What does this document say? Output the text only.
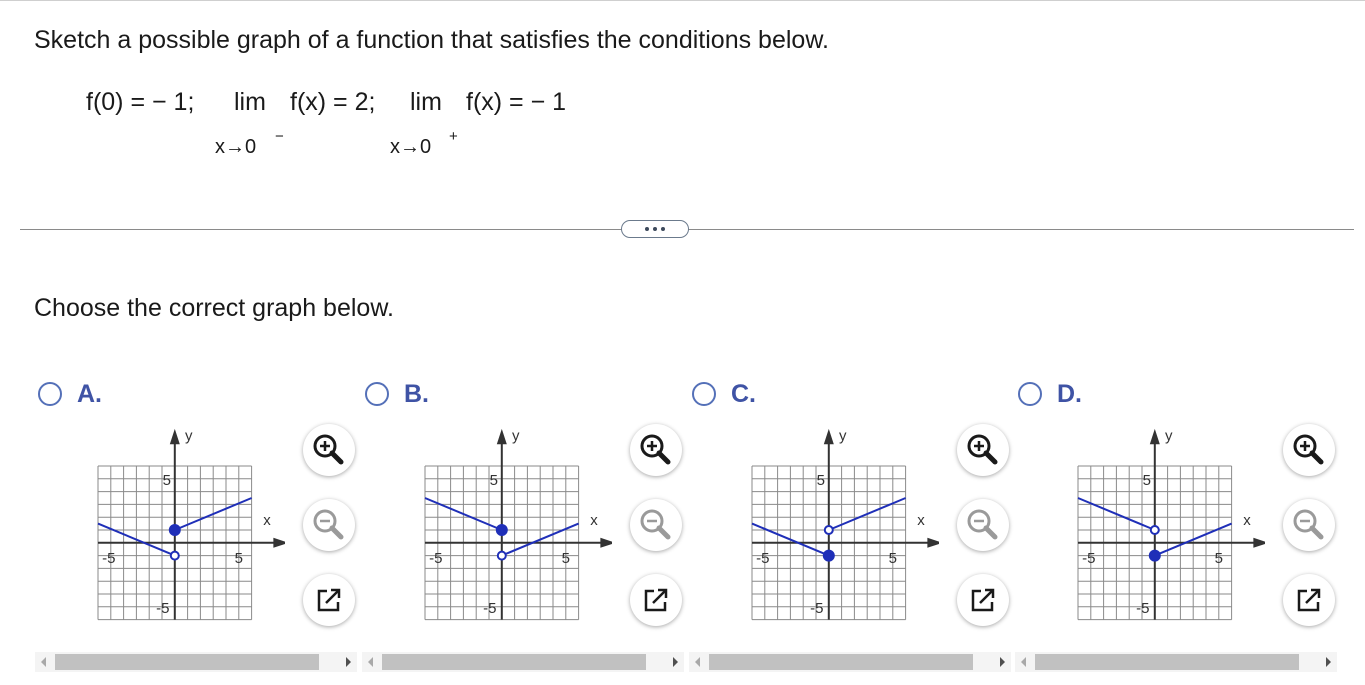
Sketch a possible graph of a function that satisfies the conditions below.
f(0) = − 1; lim f(x) = 2;
x→0 −
lim f(x) = − 1
x→0 +
Choose the correct graph below.
A.
5
-5
-5	5
x
y
B.
5
-5
-5	5
x
y
C.
5
-5
-5	5
x
y
D.
5
-5
-5	5
x
y
